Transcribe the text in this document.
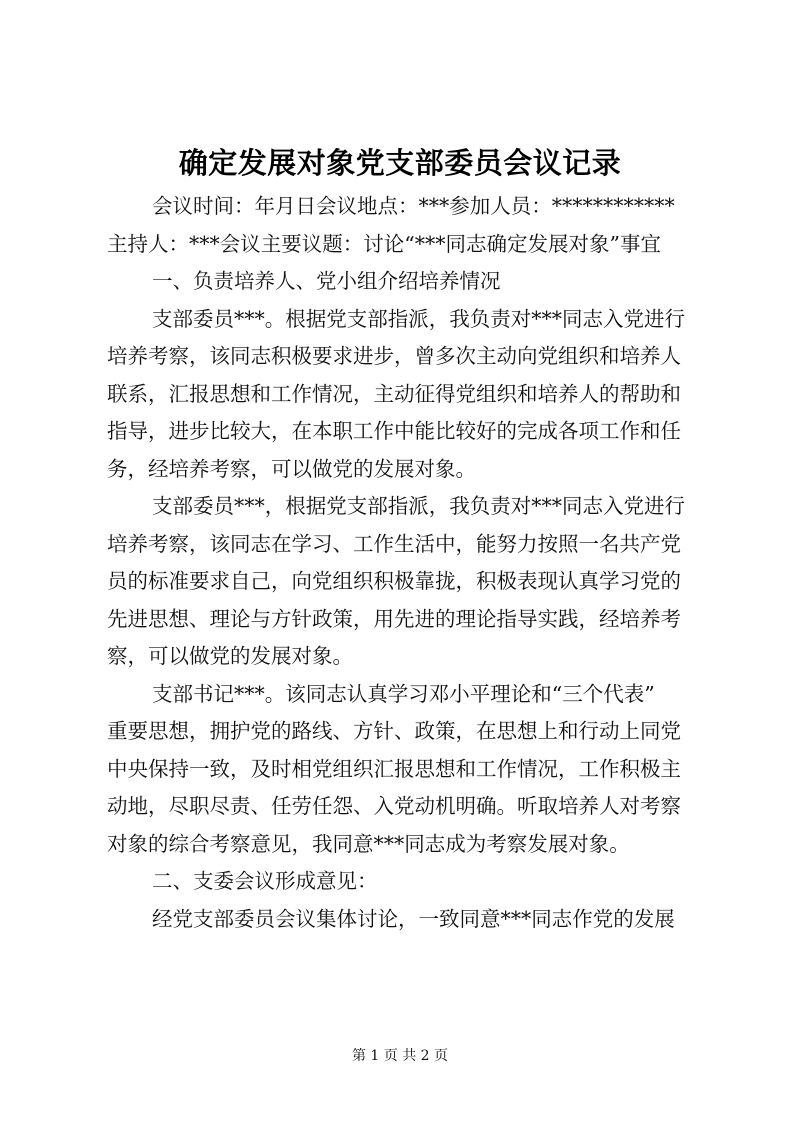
确定发展对象党支部委员会议记录
会议时间：年月日会议地点：***参加人员：************
主持人：***会议主要议题：讨论“***同志确定发展对象”事宜
一、负责培养人、党小组介绍培养情况
支部委员***。根据党支部指派，我负责对***同志入党进行
培养考察，该同志积极要求进步，曾多次主动向党组织和培养人
联系，汇报思想和工作情况，主动征得党组织和培养人的帮助和
指导，进步比较大，在本职工作中能比较好的完成各项工作和任
务，经培养考察，可以做党的发展对象。
支部委员***，根据党支部指派，我负责对***同志入党进行
培养考察，该同志在学习、工作生活中，能努力按照一名共产党
员的标准要求自己，向党组织积极靠拢，积极表现认真学习党的
先进思想、理论与方针政策，用先进的理论指导实践，经培养考
察，可以做党的发展对象。
支部书记***。该同志认真学习邓小平理论和“三个代表”
重要思想，拥护党的路线、方针、政策，在思想上和行动上同党
中央保持一致，及时相党组织汇报思想和工作情况，工作积极主
动地，尽职尽责、任劳任怨、入党动机明确。听取培养人对考察
对象的综合考察意见，我同意***同志成为考察发展对象。
二、支委会议形成意见：
经党支部委员会议集体讨论，一致同意***同志作党的发展
第 1 页 共 2 页
